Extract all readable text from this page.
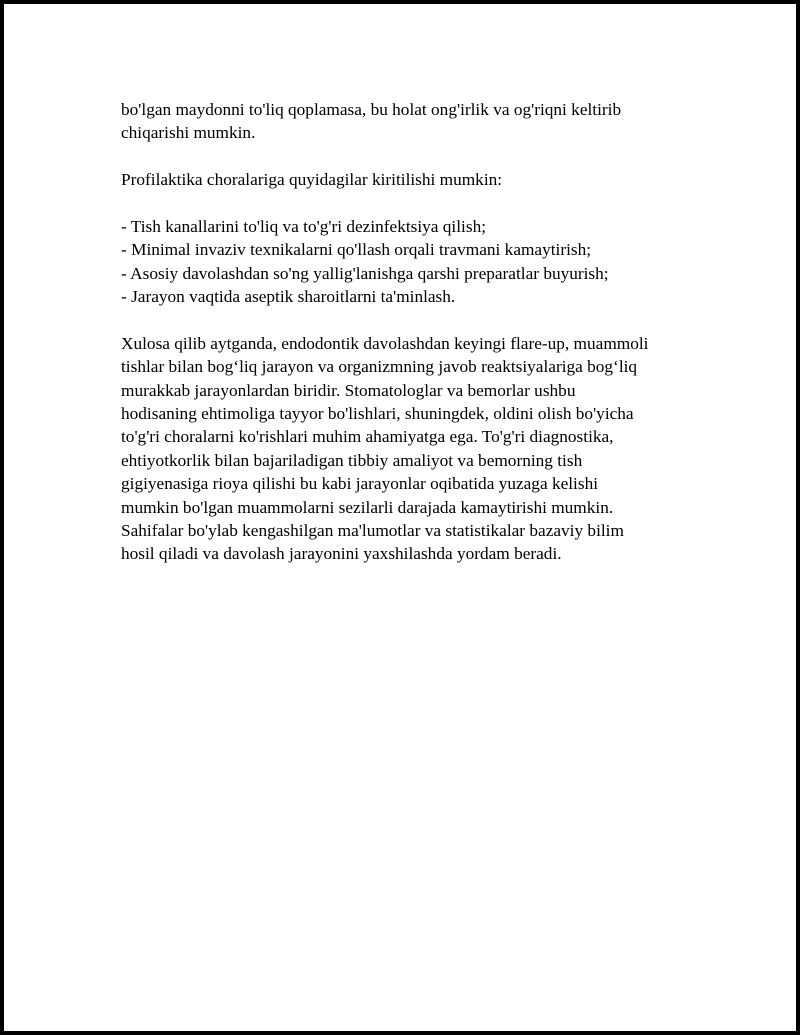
bo'lgan maydonni to'liq qoplamasa, bu holat ong'irlik va og'riqni keltirib
chiqarishi mumkin.
Profilaktika choralariga quyidagilar kiritilishi mumkin:
- Tish kanallarini to'liq va to'g'ri dezinfektsiya qilish;
- Minimal invaziv texnikalarni qo'llash orqali travmani kamaytirish;
- Asosiy davolashdan so'ng yallig'lanishga qarshi preparatlar buyurish;
- Jarayon vaqtida aseptik sharoitlarni ta'minlash.
Xulosa qilib aytganda, endodontik davolashdan keyingi flare-up, muammoli
tishlar bilan bog‘liq jarayon va organizmning javob reaktsiyalariga bog‘liq
murakkab jarayonlardan biridir. Stomatologlar va bemorlar ushbu
hodisaning ehtimoliga tayyor bo'lishlari, shuningdek, oldini olish bo'yicha
to'g'ri choralarni ko'rishlari muhim ahamiyatga ega. To'g'ri diagnostika,
ehtiyotkorlik bilan bajariladigan tibbiy amaliyot va bemorning tish
gigiyenasiga rioya qilishi bu kabi jarayonlar oqibatida yuzaga kelishi
mumkin bo'lgan muammolarni sezilarli darajada kamaytirishi mumkin.
Sahifalar bo'ylab kengashilgan ma'lumotlar va statistikalar bazaviy bilim
hosil qiladi va davolash jarayonini yaxshilashda yordam beradi.
